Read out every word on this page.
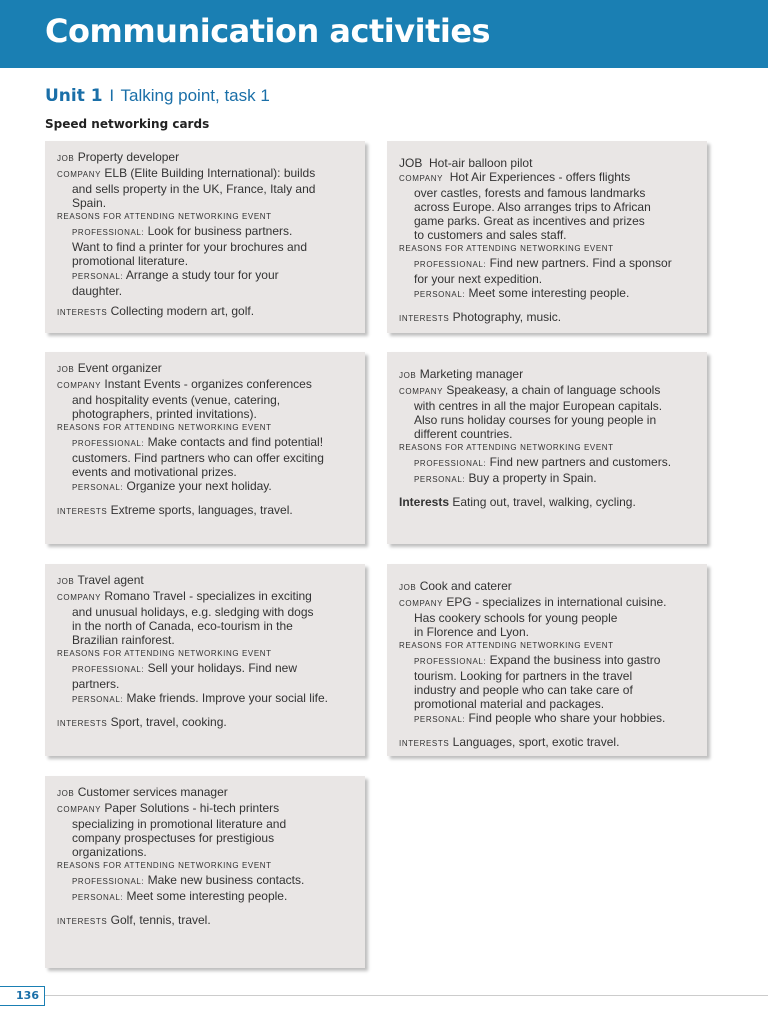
Communication activities
Unit 1 I Talking point, task 1
Speed networking cards

JOB Property developer

COMPANY ELB (Elite Building International): builds
and sells property in the UK, France, Italy and
Spain.

REASONS FOR ATTENDING NETWORKING EVENT

PROFESSIONAL: Look for business partners.
Want to find a printer for your brochures and
promotional literature.
PERSONAL: Arrange a study tour for your
daughter.

INTERESTS Collecting modern art, golf.

JOB Hot-air balloon pilot

COMPANY Hot Air Experiences - offers flights
over castles, forests and famous landmarks
across Europe. Also arranges trips to African
game parks. Great as incentives and prizes
to customers and sales staff.

REASONS FOR ATTENDING NETWORKING EVENT

PROFESSIONAL: Find new partners. Find a sponsor
for your next expedition.
PERSONAL: Meet some interesting people.

INTERESTS Photography, music.

JOB Event organizer

COMPANY Instant Events - organizes conferences
and hospitality events (venue, catering,
photographers, printed invitations).

REASONS FOR ATTENDING NETWORKING EVENT

PROFESSIONAL: Make contacts and find potential!
customers. Find partners who can offer exciting
events and motivational prizes.
PERSONAL: Organize your next holiday.

INTERESTS Extreme sports, languages, travel.

JOB Marketing manager

COMPANY Speakeasy, a chain of language schools
with centres in all the major European capitals.
Also runs holiday courses for young people in
different countries.

REASONS FOR ATTENDING NETWORKING EVENT

PROFESSIONAL: Find new partners and customers.
PERSONAL: Buy a property in Spain.

Interests Eating out, travel, walking, cycling.

JOB Travel agent

COMPANY Romano Travel - specializes in exciting
and unusual holidays, e.g. sledging with dogs
in the north of Canada, eco-tourism in the
Brazilian rainforest.

REASONS FOR ATTENDING NETWORKING EVENT

PROFESSIONAL: Sell your holidays. Find new
partners.
PERSONAL: Make friends. Improve your social life.

INTERESTS Sport, travel, cooking.

JOB Cook and caterer

COMPANY EPG - specializes in international cuisine.
Has cookery schools for young people
in Florence and Lyon.

REASONS FOR ATTENDING NETWORKING EVENT

PROFESSIONAL: Expand the business into gastro
tourism. Looking for partners in the travel
industry and people who can take care of
promotional material and packages.
PERSONAL: Find people who share your hobbies.

INTERESTS Languages, sport, exotic travel.

JOB Customer services manager

COMPANY Paper Solutions - hi-tech printers
specializing in promotional literature and
company prospectuses for prestigious
organizations.

REASONS FOR ATTENDING NETWORKING EVENT

PROFESSIONAL: Make new business contacts.
PERSONAL: Meet some interesting people.

INTERESTS Golf, tennis, travel.

136
